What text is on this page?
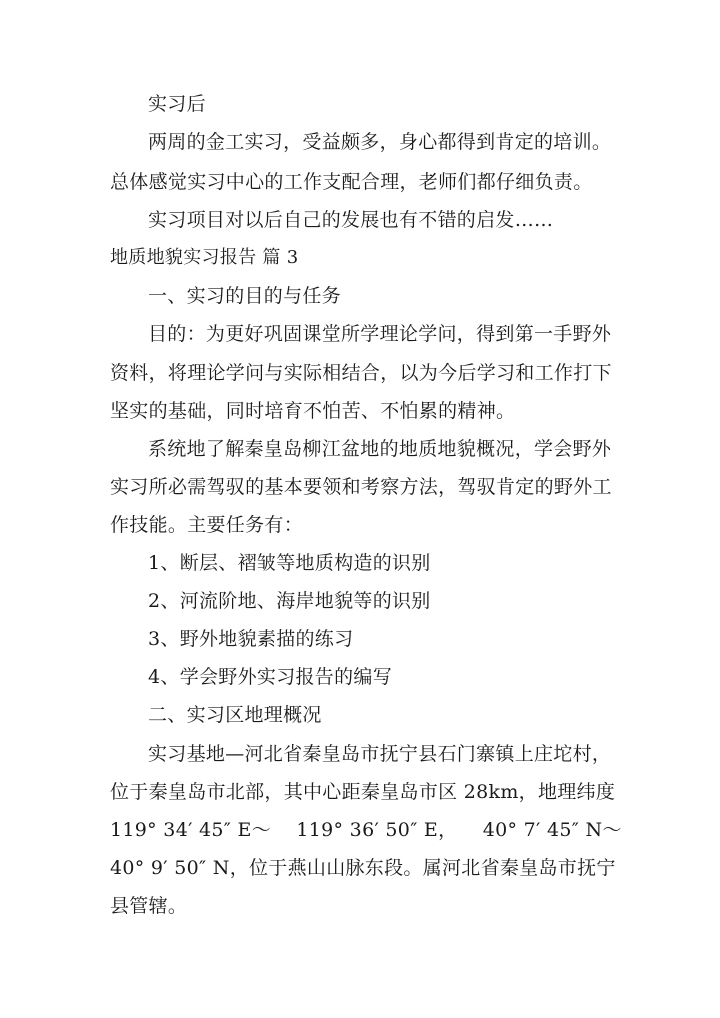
实习后
两周的金工实习，受益颇多，身心都得到肯定的培训。
总体感觉实习中心的工作支配合理，老师们都仔细负责。
实习项目对以后自己的发展也有不错的启发……
地质地貌实习报告 篇 3
一、实习的目的与任务
目的：为更好巩固课堂所学理论学问，得到第一手野外
资料，将理论学问与实际相结合，以为今后学习和工作打下
坚实的基础，同时培育不怕苦、不怕累的精神。
系统地了解秦皇岛柳江盆地的地质地貌概况，学会野外
实习所必需驾驭的基本要领和考察方法，驾驭肯定的野外工
作技能。主要任务有：
1、断层、褶皱等地质构造的识别
2、河流阶地、海岸地貌等的识别
3、野外地貌素描的练习
4、学会野外实习报告的编写
二、实习区地理概况
实习基地—河北省秦皇岛市抚宁县石门寨镇上庄坨村，
位于秦皇岛市北部，其中心距秦皇岛市区 28km，地理纬度
119° 34′ 45″ E～    119° 36′ 50″ E，    40° 7′ 45″ N～
40° 9′ 50″ N，位于燕山山脉东段。属河北省秦皇岛市抚宁
县管辖。
